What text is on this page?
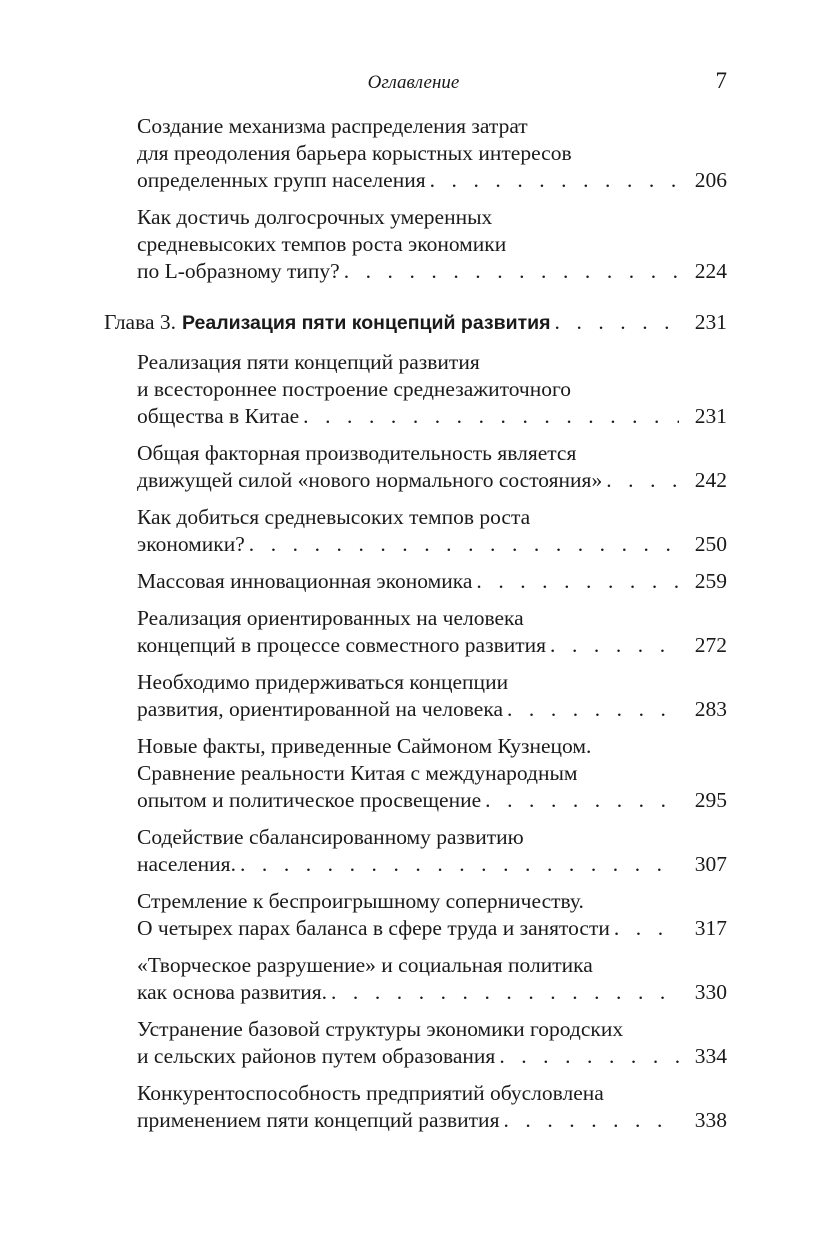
Оглавление	7
Создание механизма распределения затрат
для преодоления барьера корыстных интересов
определенных групп населения . . .	206
Как достичь долгосрочных умеренных
средневысоких темпов роста экономики
по L-образному типу? . . .	224
Глава 3. Реализация пяти концепций развития . . .	231
Реализация пяти концепций развития
и всестороннее построение среднезажиточного
общества в Китае . . .	231
Общая факторная производительность является
движущей силой «нового нормального состояния» . . .	242
Как добиться средневысоких темпов роста
экономики? . . .	250
Массовая инновационная экономика . . .	259
Реализация ориентированных на человека
концепций в процессе совместного развития . . .	272
Необходимо придерживаться концепции
развития, ориентированной на человека . . .	283
Новые факты, приведенные Саймоном Кузнецом.
Сравнение реальности Китая с международным
опытом и политическое просвещение . . .	295
Содействие сбалансированному развитию
населения. . . .	307
Стремление к беспроигрышному соперничеству.
О четырех парах баланса в сфере труда и занятости . . .	317
«Творческое разрушение» и социальная политика
как основа развития. . . .	330
Устранение базовой структуры экономики городских
и сельских районов путем образования . . .	334
Конкурентоспособность предприятий обусловлена
применением пяти концепций развития . . .	338
